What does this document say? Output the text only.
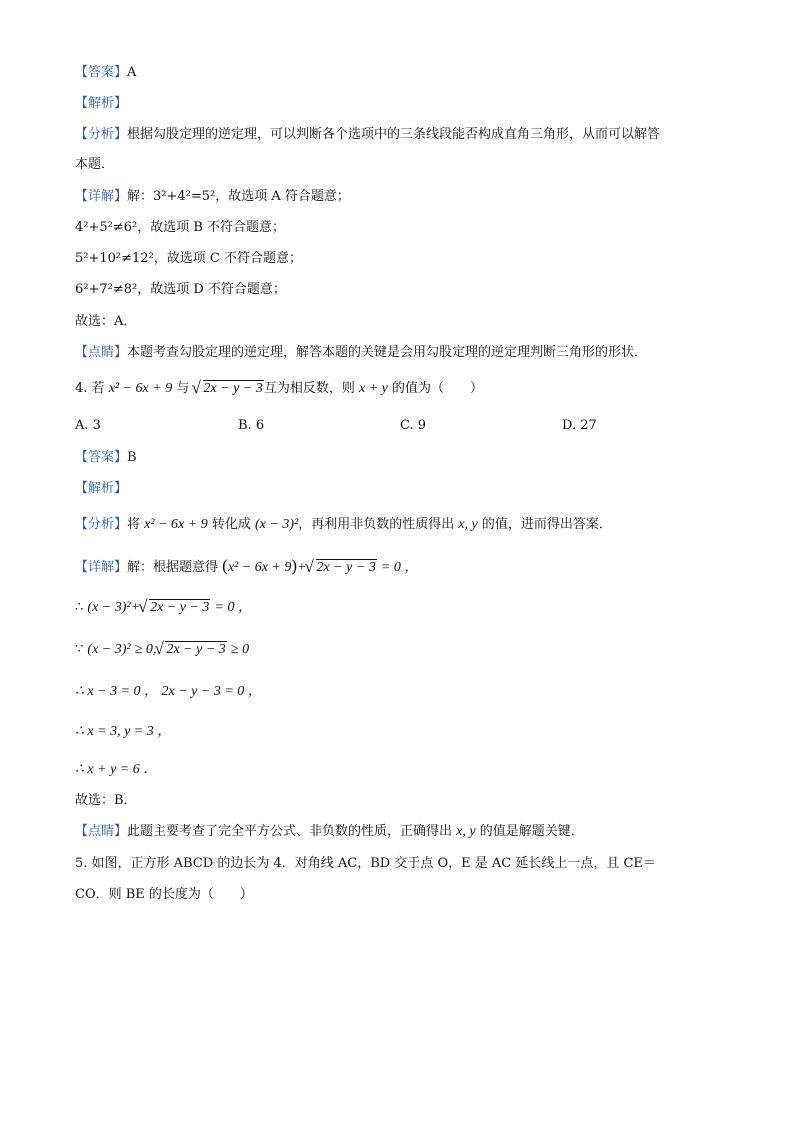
【答案】A
【解析】
【分析】根据勾股定理的逆定理，可以判断各个选项中的三条线段能否构成直角三角形，从而可以解答
本题．
【详解】解：3²+4²=5²，故选项 A 符合题意；
4²+5²≠6²，故选项 B 不符合题意；
5²+10²≠12²，故选项 C 不符合题意；
6²+7²≠8²，故选项 D 不符合题意；
故选：A．
【点睛】本题考查勾股定理的逆定理，解答本题的关键是会用勾股定理的逆定理判断三角形的形状．
4. 若 x² − 6x + 9 与 √ 2x − y − 3互为相反数，则 x + y 的值为（　　）
A. 3	B. 6	C. 9	D. 27
【答案】B
【解析】
【分析】将 x² − 6x + 9 转化成 (x − 3)²，再利用非负数的性质得出 x, y 的值，进而得出答案．
【详解】解：根据题意得 (x² − 6x + 9)+ √ 2x − y − 3 = 0 ，
∴ (x − 3)²+ √ 2x − y − 3 = 0 ，
∵ (x − 3)² ≥ 0, √ 2x − y − 3 ≥ 0
∴ x − 3 = 0 ， 2x − y − 3 = 0 ，
∴ x = 3, y = 3 ，
∴ x + y = 6 ．
故选：B．
【点睛】此题主要考查了完全平方公式、非负数的性质，正确得出 x, y 的值是解题关键．
5. 如图，正方形 ABCD 的边长为 4．对角线 AC，BD 交于点 O，E 是 AC 延长线上一点，且 CE＝
CO．则 BE 的长度为（　　）
